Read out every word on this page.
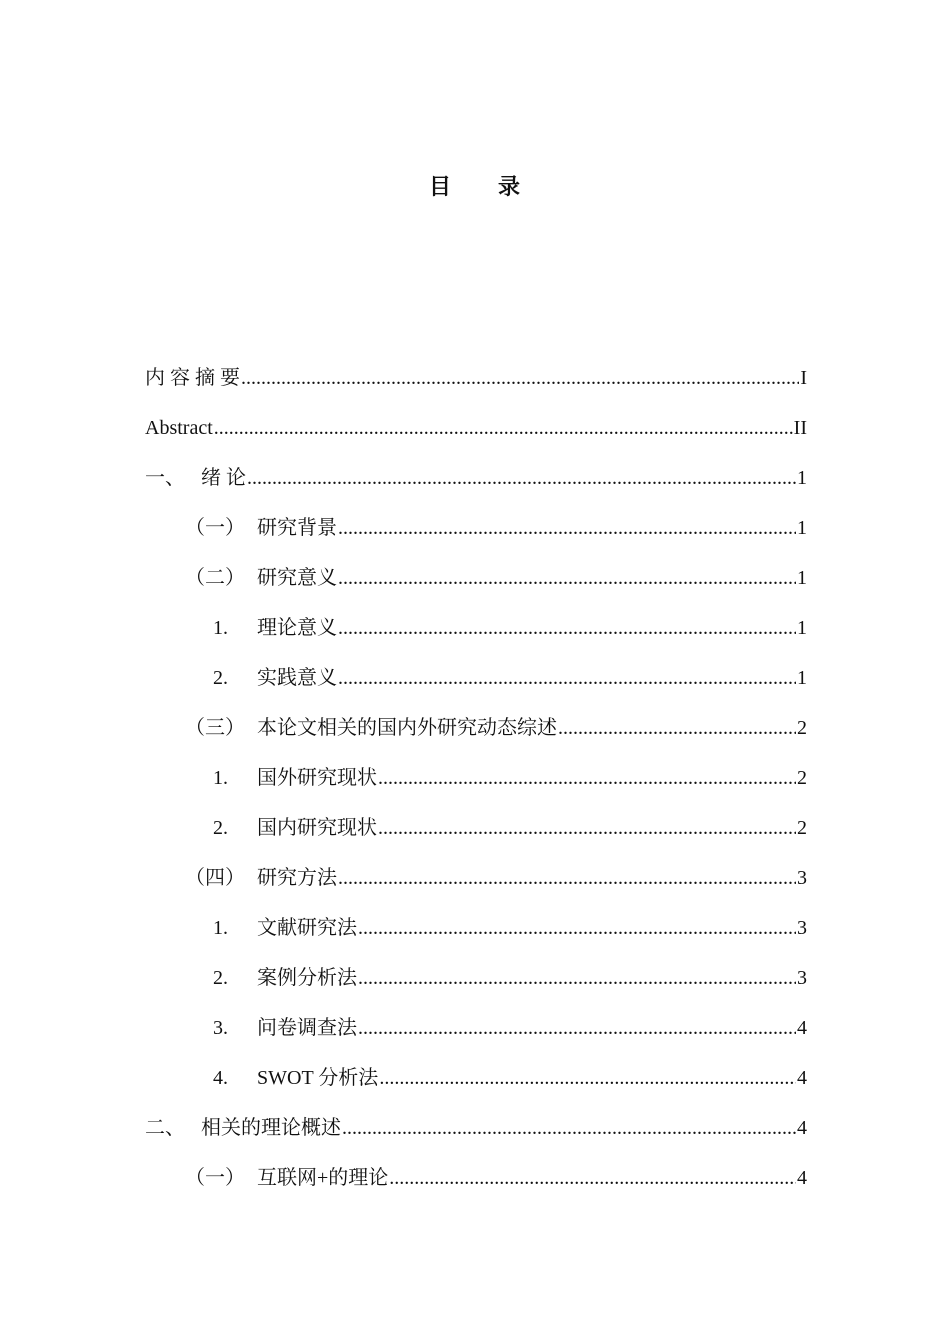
目　　录
内 容 摘 要 .....	I
Abstract .....	II
一、 绪 论 .....	1
（一） 研究背景 .....	1
（二） 研究意义 .....	1
1.	理论意义 .....	1
2.	实践意义 .....	1
（三） 本论文相关的国内外研究动态综述 .....	2
1.	国外研究现状 .....	2
2.	国内研究现状 .....	2
（四） 研究方法 .....	3
1.	文献研究法 .....	3
2.	案例分析法 .....	3
3.	问卷调查法 .....	4
4.	SWOT 分析法 .....	4
二、 相关的理论概述 .....	4
（一） 互联网+的理论 .....	4
